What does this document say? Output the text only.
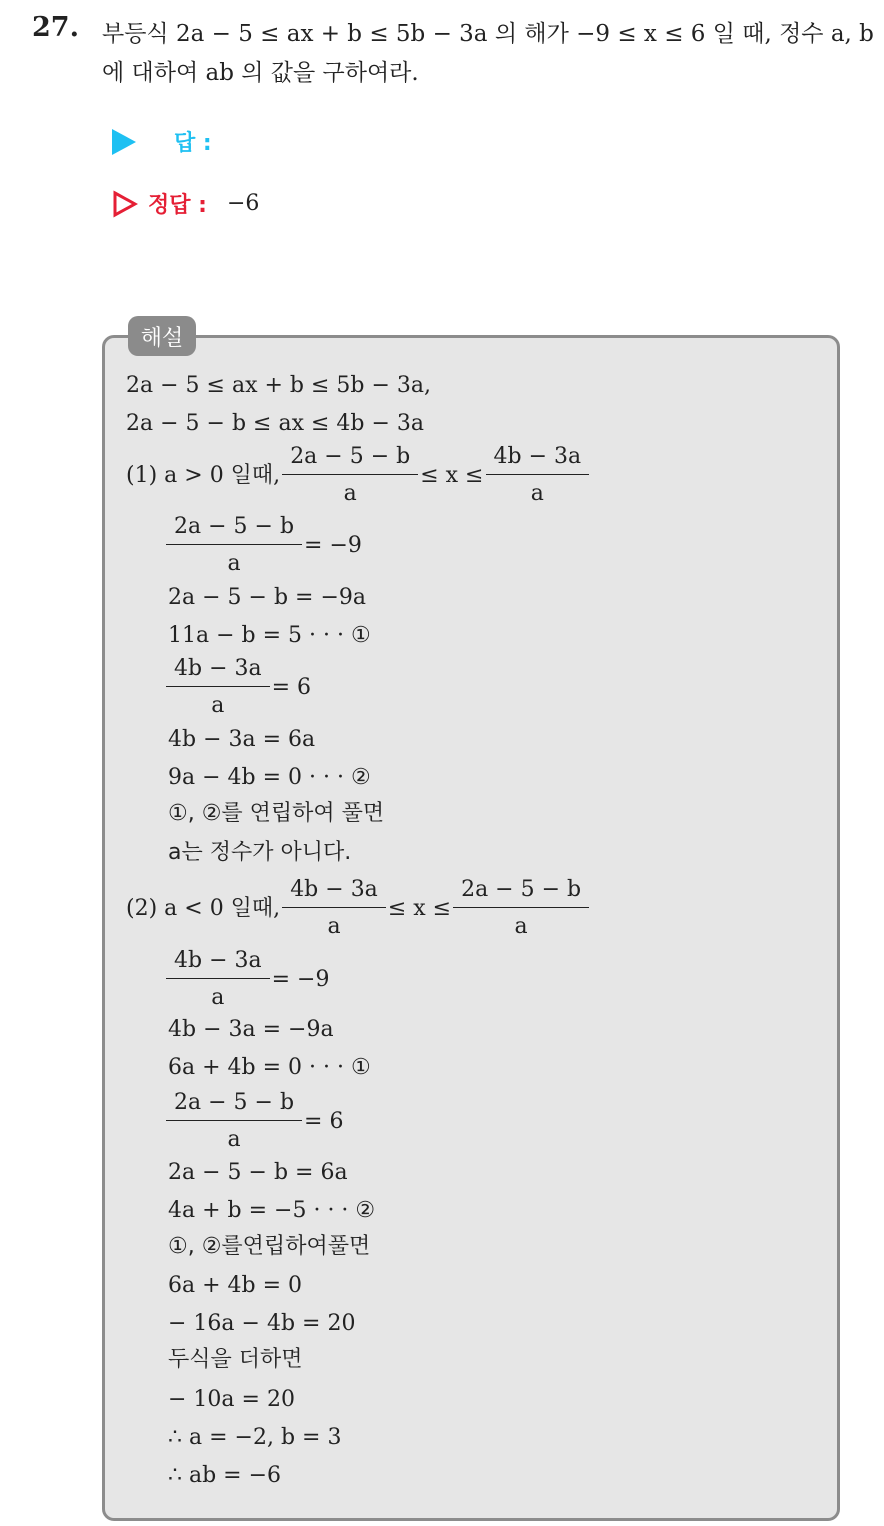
27. 부등식 2a − 5 ≤ ax + b ≤ 5b − 3a 의 해가 −9 ≤ x ≤ 6 일 때, 정수 a, b
에 대하여 ab 의 값을 구하여라.
답 :
정답 : −6
해설
2a − 5 ≤ ax + b ≤ 5b − 3a,
2a − 5 − b ≤ ax ≤ 4b − 3a
(1) a > 0 일때, $\frac{2a - 5 - b}{a} \le x \le \frac{4b - 3a}{a}$
$\frac{2a - 5 - b}{a} = -9$
2a − 5 − b = −9a
11a − b = 5 · · · ①
$\frac{4b - 3a}{a} = 6$
4b − 3a = 6a
9a − 4b = 0 · · · ②
①, ②를 연립하여 풀면
a는 정수가 아니다.
(2) a < 0 일때, $\frac{4b - 3a}{a} \le x \le \frac{2a - 5 - b}{a}$
$\frac{4b - 3a}{a} = -9$
4b − 3a = −9a
6a + 4b = 0 · · · ①
$\frac{2a - 5 - b}{a} = 6$
2a − 5 − b = 6a
4a + b = −5 · · · ②
①, ②를연립하여풀면
6a + 4b = 0
− 16a − 4b = 20
두식을 더하면
− 10a = 20
∴ a = −2, b = 3
∴ ab = −6
